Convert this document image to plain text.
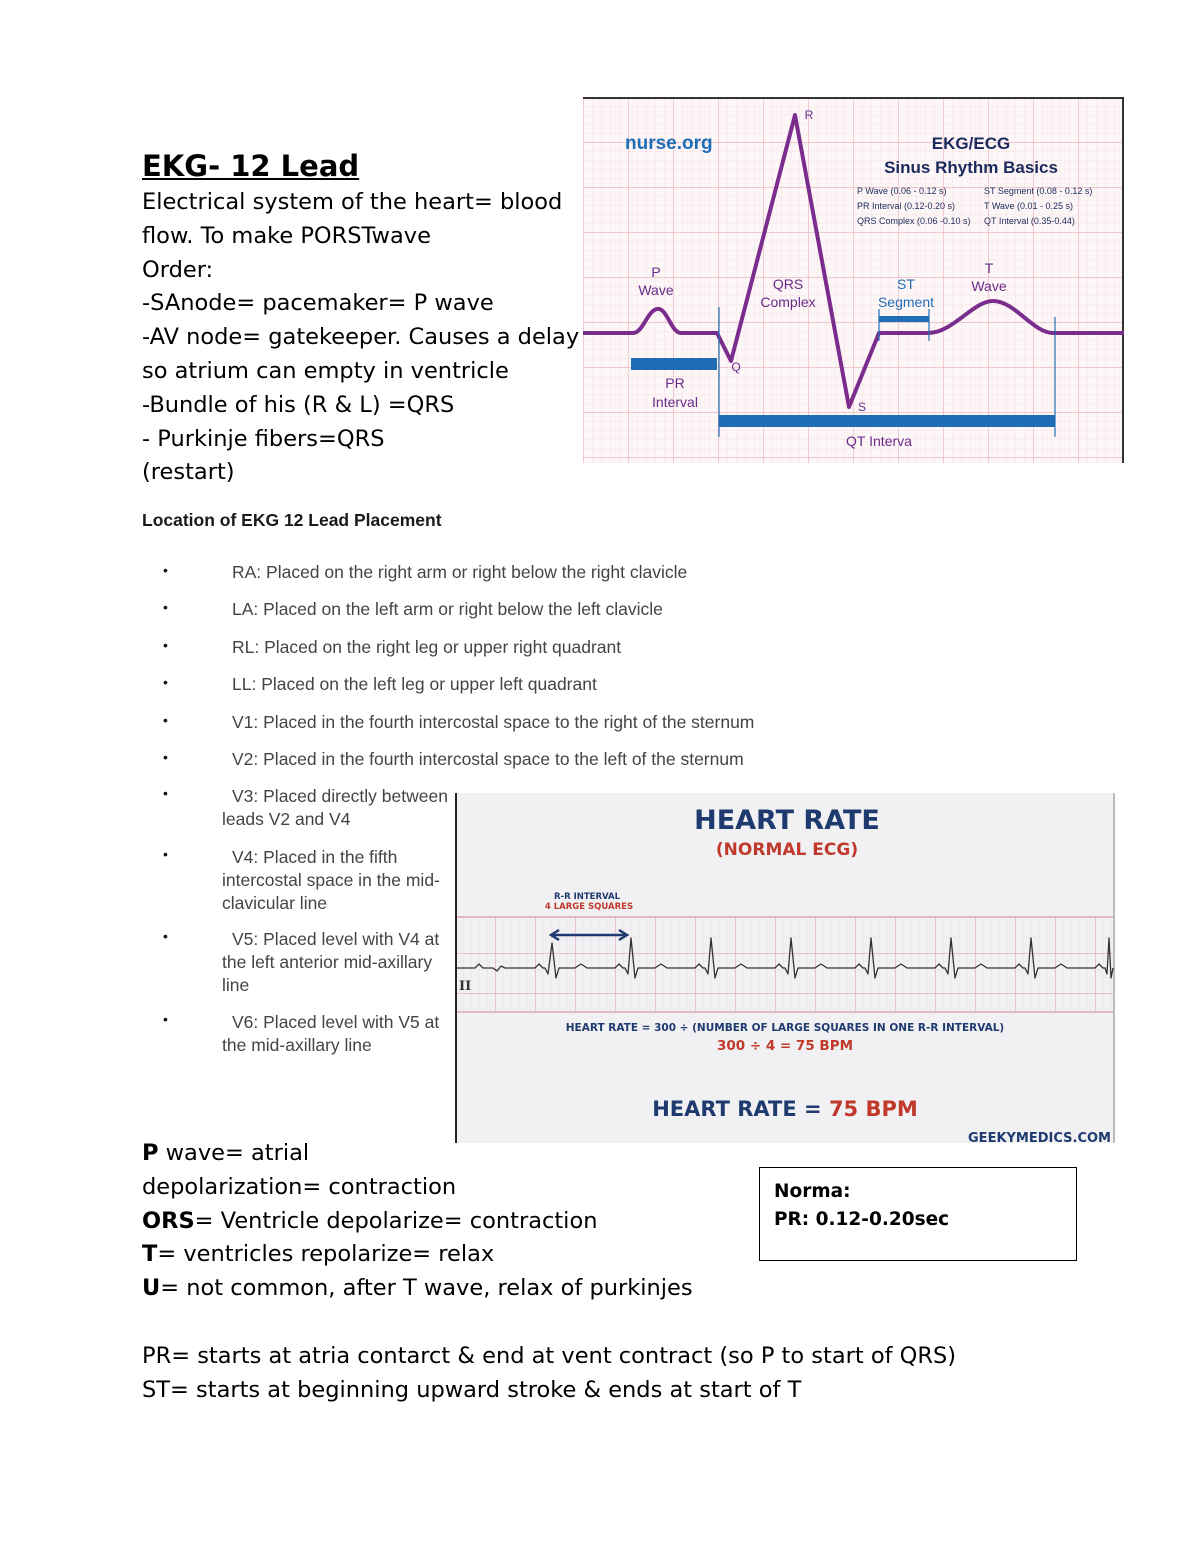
EKG- 12 Lead
Electrical system of the heart= blood
flow. To make PORSTwave
Order:
-SAnode= pacemaker= P wave
-AV node= gatekeeper. Causes a delay
so atrium can empty in ventricle
-Bundle of his (R & L) =QRS
- Purkinje fibers=QRS
(restart)
nurse.org	EKG/ECG
Sinus Rhythm Basics
P Wave (0.06 - 0.12 s)
PR Interval (0.12-0.20 s)
QRS Complex (0.06 -0.10 s)
ST Segment (0.08 - 0.12 s)
T Wave (0.01 - 0.25 s)
QT Interval (0.35-0.44)
R
Q
S
P
Wave	QRS
Complex
T
Wave
ST
Segment
PR
Interval
QT Interva
Location of EKG 12 Lead Placement
•	RA: Placed on the right arm or right below the right clavicle
•	LA: Placed on the left arm or right below the left clavicle
•	RL: Placed on the right leg or upper right quadrant
•	LL: Placed on the left leg or upper left quadrant
•	V1: Placed in the fourth intercostal space to the right of the sternum
•	V2: Placed in the fourth intercostal space to the left of the sternum
•	V3: Placed directly between leads V2 and V4
•	V4: Placed in the fifth intercostal space in the mid-clavicular line
•	V5: Placed level with V4 at the left anterior mid-axillary line
•	V6: Placed level with V5 at the mid-axillary line
HEART RATE
(NORMAL ECG)
R-R INTERVAL
4 LARGE SQUARES
II
HEART RATE = 300 ÷ (NUMBER OF LARGE SQUARES IN ONE R-R INTERVAL)
300 ÷ 4 = 75 BPM
HEART RATE = 75 BPM
GEEKYMEDICS.COM
P wave= atrial
depolarization= contraction
ORS= Ventricle depolarize= contraction
T= ventricles repolarize= relax
U= not common, after T wave, relax of purkinjes
PR= starts at atria contarct & end at vent contract (so P to start of QRS)
ST= starts at beginning upward stroke & ends at start of T
Norma:
PR: 0.12-0.20sec
